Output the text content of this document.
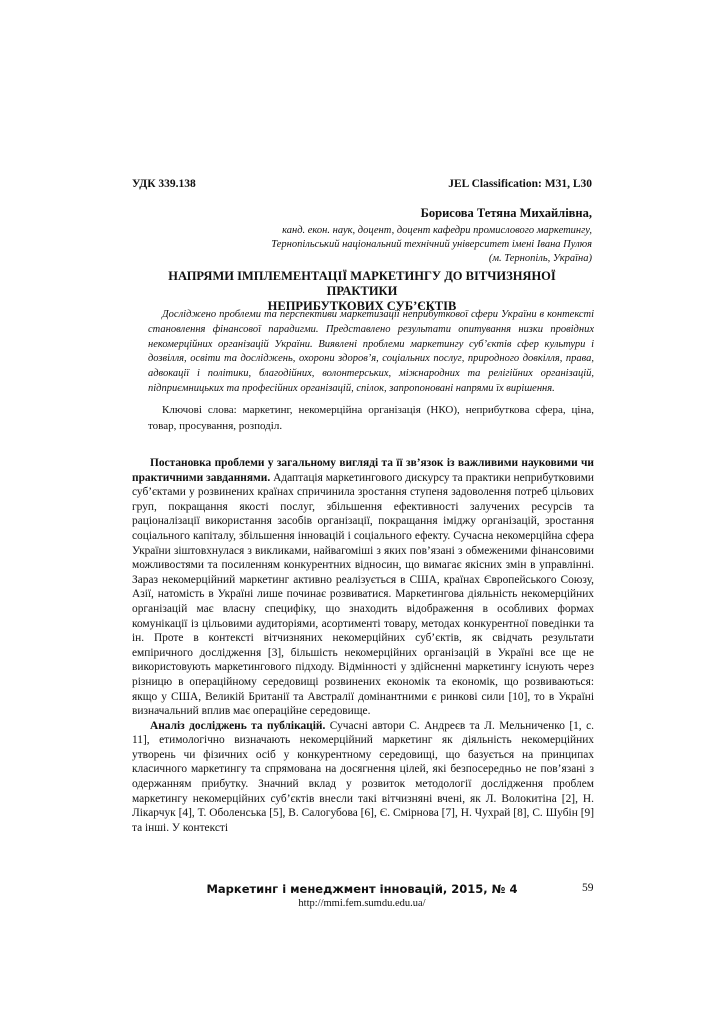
УДК 339.138	JEL Classification: M31, L30
Борисова Тетяна Михайлівна,
канд. екон. наук, доцент, доцент кафедри промислового маркетингу,
Тернопільський національний технічний університет імені Івана Пулюя
(м. Тернопіль, Україна)
НАПРЯМИ ІМПЛЕМЕНТАЦІЇ МАРКЕТИНГУ ДО ВІТЧИЗНЯНОЇ ПРАКТИКИ
НЕПРИБУТКОВИХ СУБ’ЄКТІВ

Досліджено проблеми та перспективи маркетизації неприбуткової сфери України в контексті становлення фінансової парадигми. Представлено результати опитування низки провідних некомерційних організацій України. Виявлені проблеми маркетингу суб’єктів сфер культури і дозвілля, освіти та досліджень, охорони здоров’я, соціальних послуг, природного довкілля, права, адвокації і політики, благодійних, волонтерських, міжнародних та релігійних організацій, підприємницьких та професійних організацій, спілок, запропоновані напрями їх вирішення.

Ключові слова: маркетинг, некомерційна організація (НКО), неприбуткова сфера, ціна, товар, просування, розподіл.

Постановка проблеми у загальному вигляді та її зв’язок із важливими науковими чи практичними завданнями. Адаптація маркетингового дискурсу та практики неприбутковими суб’єктами у розвинених країнах спричинила зростання ступеня задоволення потреб цільових груп, покращання якості послуг, збільшення ефективності залучених ресурсів та раціоналізації використання засобів організації, покращання іміджу організацій, зростання соціального капіталу, збільшення інновацій і соціального ефекту. Сучасна некомерційна сфера України зіштовхнулася з викликами, найвагоміші з яких пов’язані з обмеженими фінансовими можливостями та посиленням конкурентних відносин, що вимагає якісних змін в управлінні. Зараз некомерційний маркетинг активно реалізується в США, країнах Європейського Союзу, Азії, натомість в Україні лише починає розвиватися. Маркетингова діяльність некомерційних організацій має власну специфіку, що знаходить відображення в особливих формах комунікації із цільовими аудиторіями, асортименті товару, методах конкурентної поведінки та ін. Проте в контексті вітчизняних некомерційних суб’єктів, як свідчать результати емпіричного дослідження [3], більшість некомерційних організацій в Україні все ще не використовують маркетингового підходу. Відмінності у здійсненні маркетингу існують через різницю в операційному середовищі розвинених економік та економік, що розвиваються: якщо у США, Великій Британії та Австралії домінантними є ринкові сили [10], то в Україні визначальний вплив має операційне середовище.

Аналіз досліджень та публікацій. Сучасні автори С. Андреєв та Л. Мельниченко [1, с. 11], етимологічно визначають некомерційний маркетинг як діяльність некомерційних утворень чи фізичних осіб у конкурентному середовищі, що базується на принципах класичного маркетингу та спрямована на досягнення цілей, які безпосередньо не пов’язані з одержанням прибутку. Значний вклад у розвиток методології дослідження проблем маркетингу некомерційних суб’єктів внесли такі вітчизняні вчені, як Л. Волокитіна [2], Н. Лікарчук [4], Т. Оболенська [5], В. Салогубова [6], Є. Смірнова [7], Н. Чухрай [8], С. Шубін [9] та інші. У контексті

Маркетинг і менеджмент інновацій, 2015, № 4	59
http://mmi.fem.sumdu.edu.ua/
